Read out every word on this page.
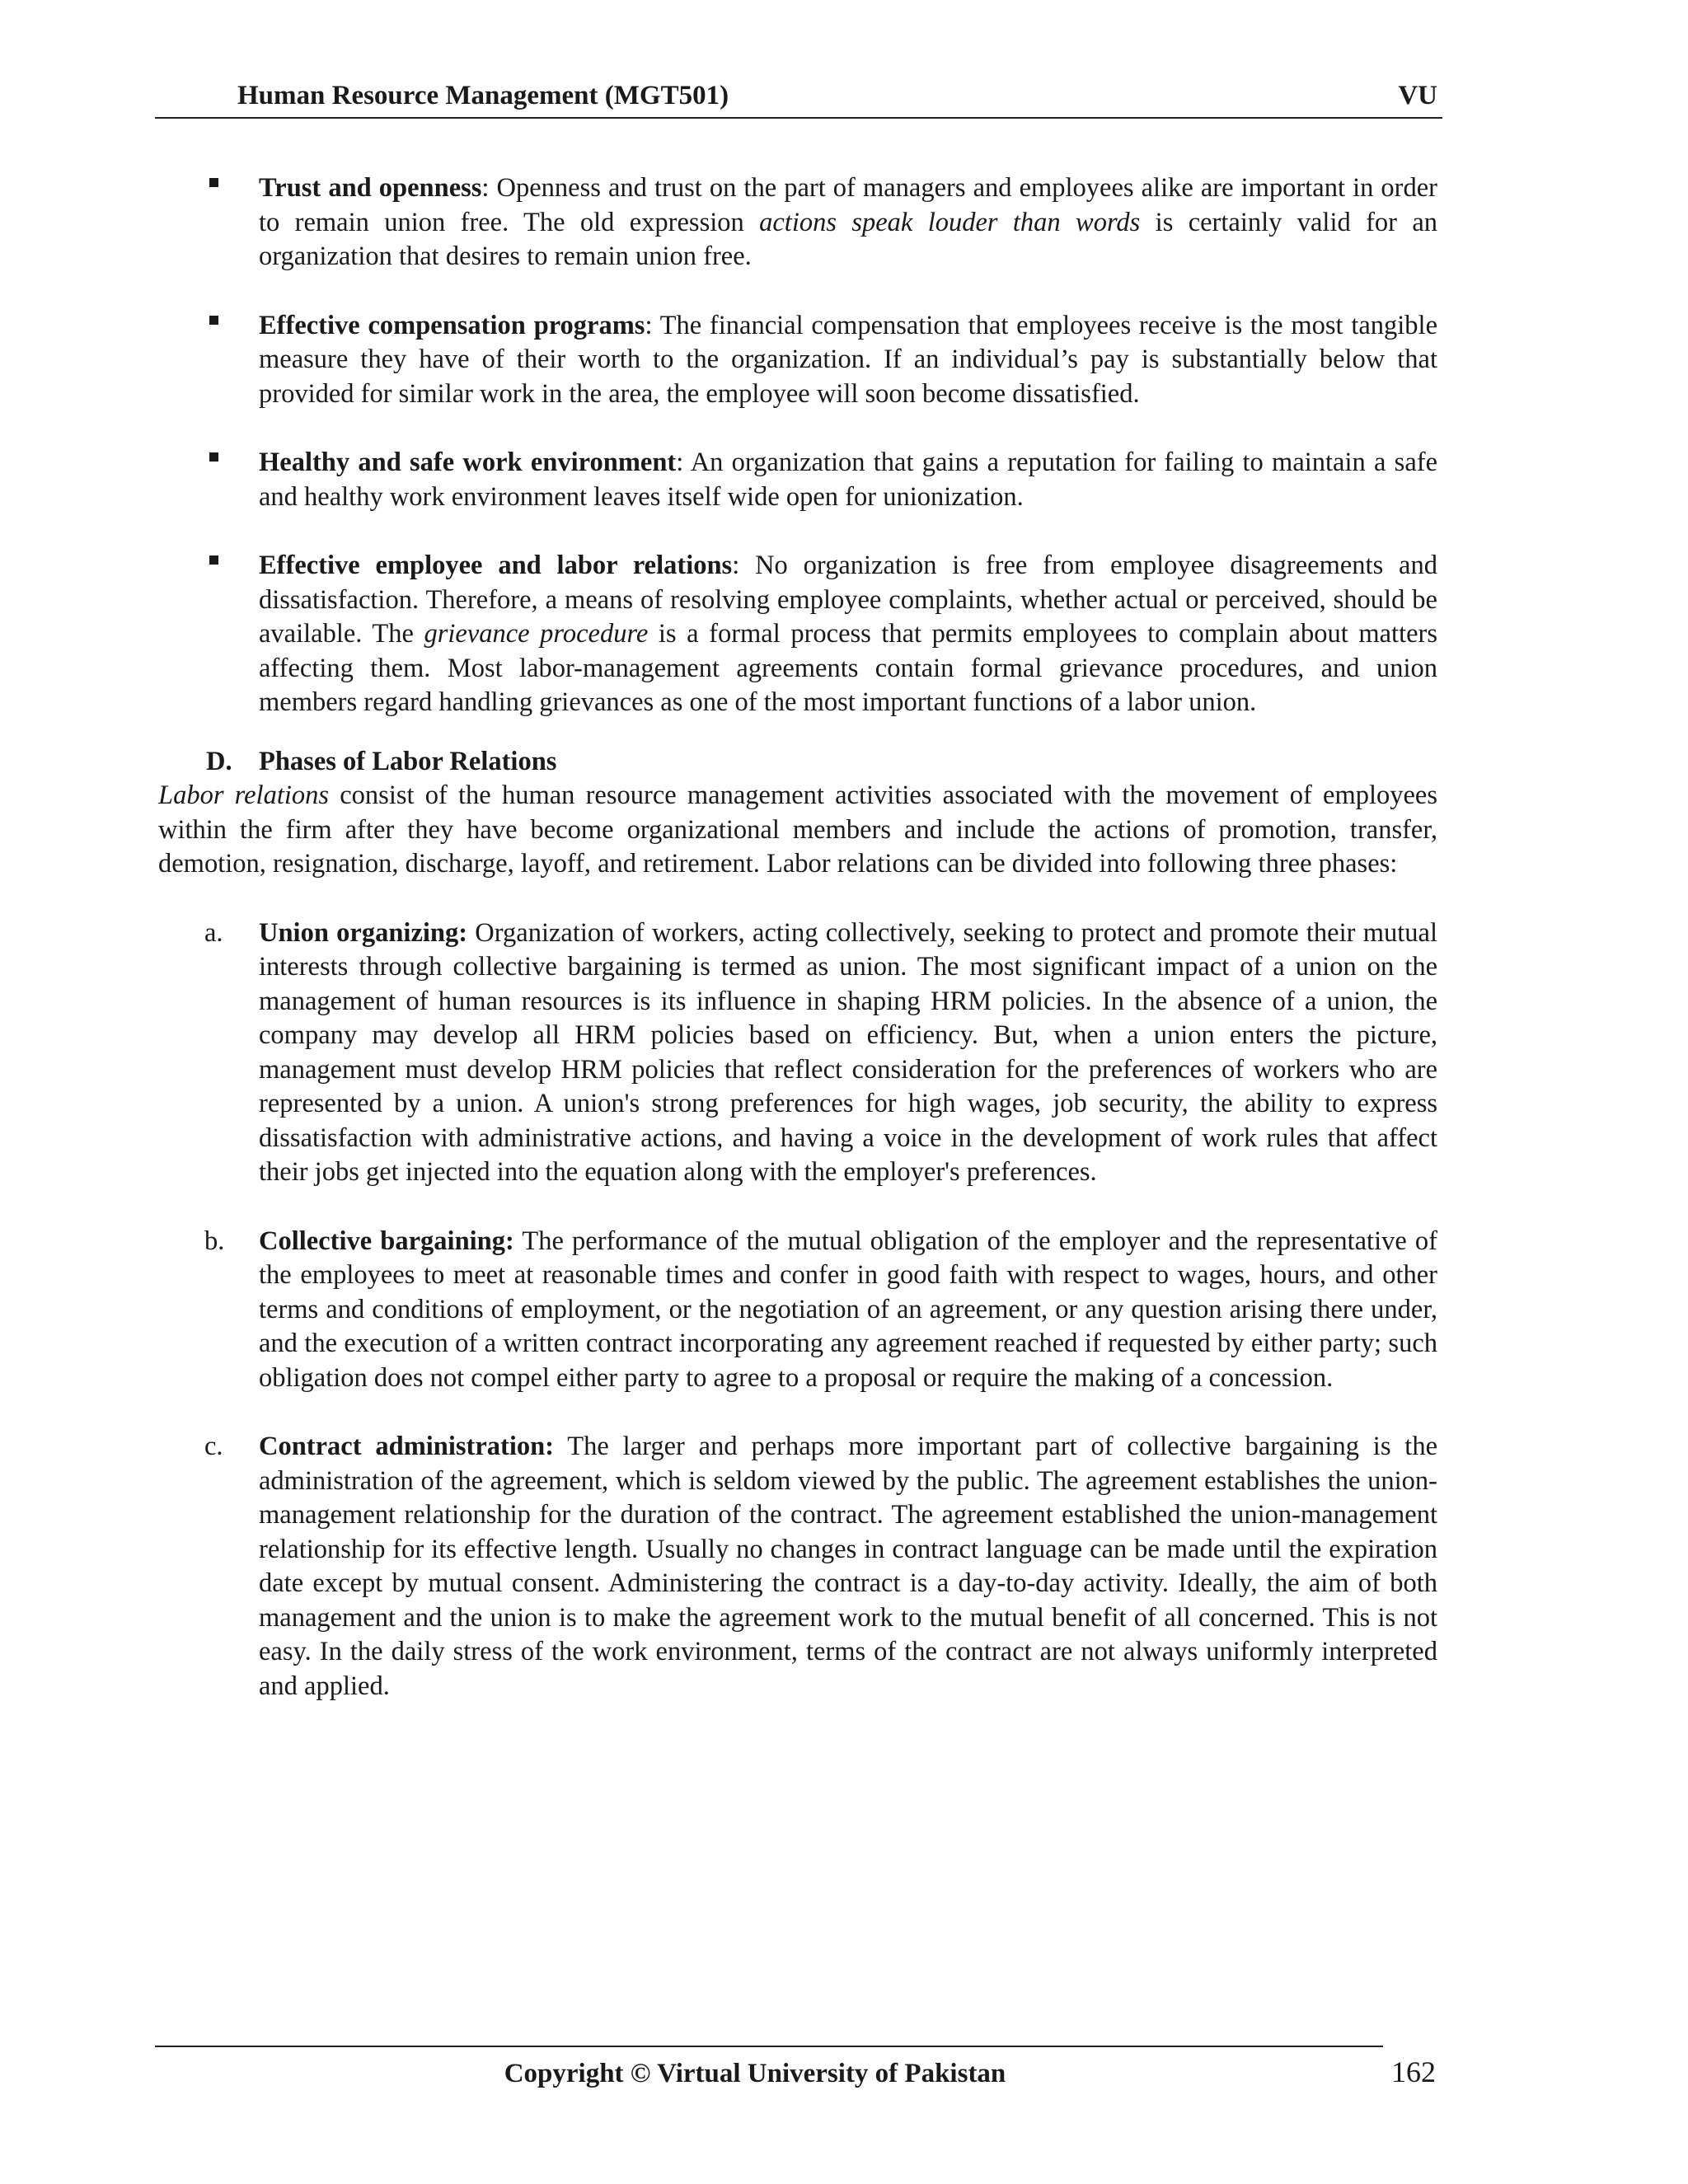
Human Resource Management (MGT501)	VU

Trust and openness: Openness and trust on the part of managers and employees alike are important in order to remain union free. The old expression actions speak louder than words is certainly valid for an organization that desires to remain union free.

Effective compensation programs: The financial compensation that employees receive is the most tangible measure they have of their worth to the organization. If an individual’s pay is substantially below that provided for similar work in the area, the employee will soon become dissatisfied.

Healthy and safe work environment: An organization that gains a reputation for failing to maintain a safe and healthy work environment leaves itself wide open for unionization.

Effective employee and labor relations: No organization is free from employee disagreements and dissatisfaction. Therefore, a means of resolving employee complaints, whether actual or perceived, should be available. The grievance procedure is a formal process that permits employees to complain about matters affecting them. Most labor-management agreements contain formal grievance procedures, and union members regard handling grievances as one of the most important functions of a labor union.

D. Phases of Labor Relations

Labor relations consist of the human resource management activities associated with the movement of employees within the firm after they have become organizational members and include the actions of promotion, transfer, demotion, resignation, discharge, layoff, and retirement. Labor relations can be divided into following three phases:

a. Union organizing: Organization of workers, acting collectively, seeking to protect and promote their mutual interests through collective bargaining is termed as union. The most significant impact of a union on the management of human resources is its influence in shaping HRM policies. In the absence of a union, the company may develop all HRM policies based on efficiency. But, when a union enters the picture, management must develop HRM policies that reflect consideration for the preferences of workers who are represented by a union. A union's strong preferences for high wages, job security, the ability to express dissatisfaction with administrative actions, and having a voice in the development of work rules that affect their jobs get injected into the equation along with the employer's preferences.

b. Collective bargaining: The performance of the mutual obligation of the employer and the representative of the employees to meet at reasonable times and confer in good faith with respect to wages, hours, and other terms and conditions of employment, or the negotiation of an agreement, or any question arising there under, and the execution of a written contract incorporating any agreement reached if requested by either party; such obligation does not compel either party to agree to a proposal or require the making of a concession.

c. Contract administration: The larger and perhaps more important part of collective bargaining is the administration of the agreement, which is seldom viewed by the public. The agreement establishes the union-management relationship for the duration of the contract. The agreement established the union-management relationship for its effective length. Usually no changes in contract language can be made until the expiration date except by mutual consent. Administering the contract is a day-to-day activity. Ideally, the aim of both management and the union is to make the agreement work to the mutual benefit of all concerned. This is not easy. In the daily stress of the work environment, terms of the contract are not always uniformly interpreted and applied.

Copyright © Virtual University of Pakistan	162
